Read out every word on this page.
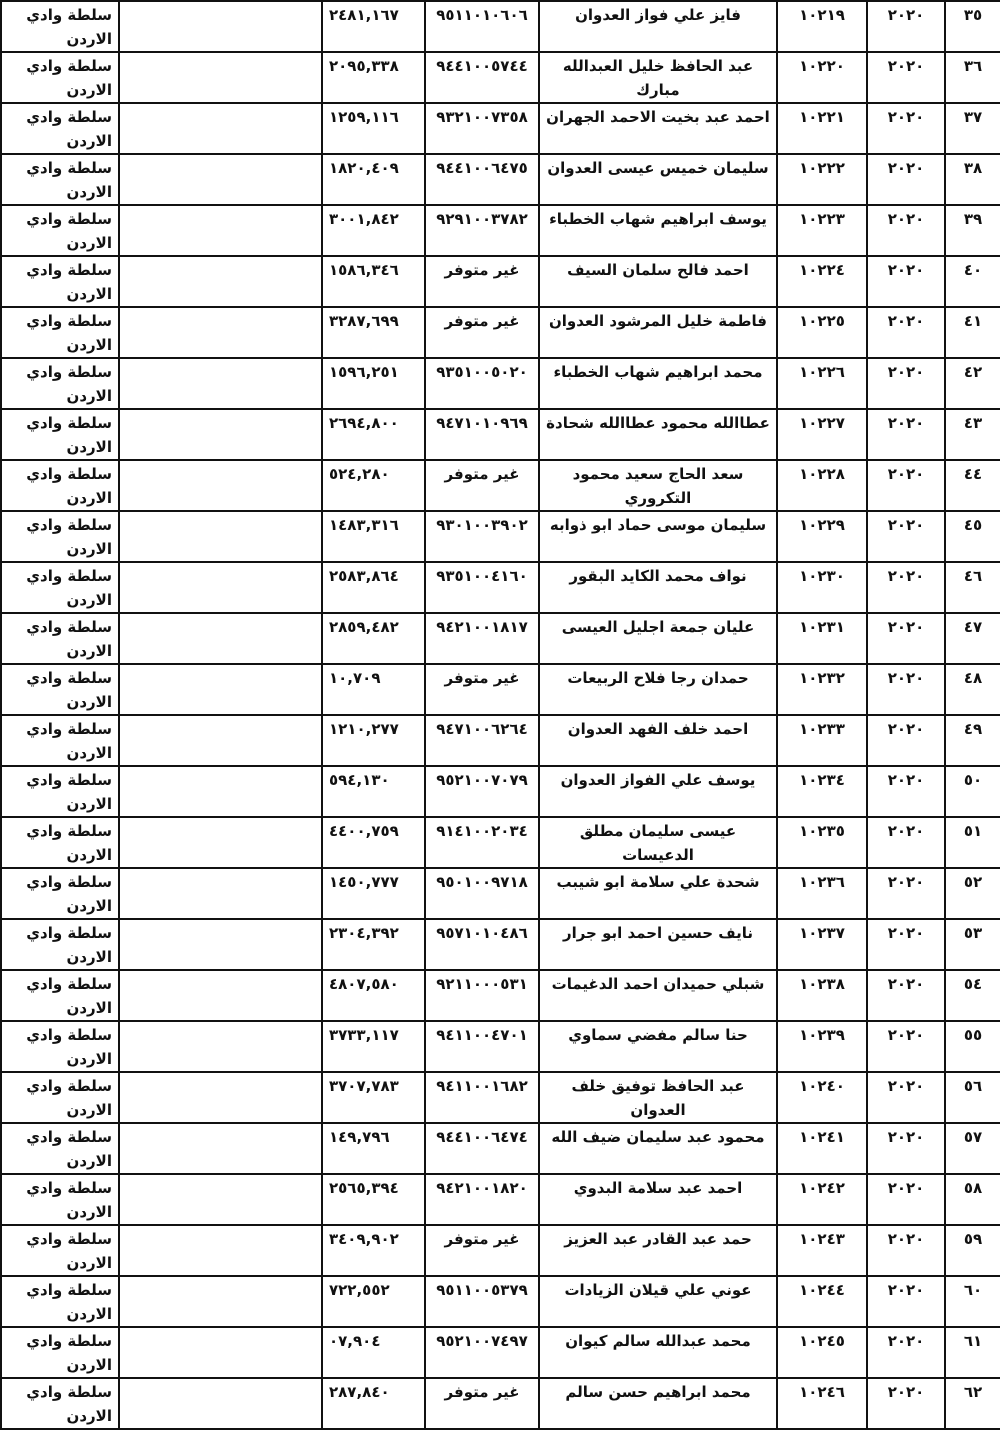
٣٥	٢٠٢٠	١٠٢١٩	فايز علي فواز العدوان	٩٥١١٠١٠٦٠٦	٢٤٨١,١٦٧		سلطة وادي الاردن
٣٦	٢٠٢٠	١٠٢٢٠	عبد الحافظ خليل العبدالله مبارك	٩٤٤١٠٠٥٧٤٤	٢٠٩٥,٣٣٨		سلطة وادي الاردن
٣٧	٢٠٢٠	١٠٢٢١	احمد عبد بخيت الاحمد الجهران	٩٣٢١٠٠٧٣٥٨	١٢٥٩,١١٦		سلطة وادي الاردن
٣٨	٢٠٢٠	١٠٢٢٢	سليمان خميس عيسى العدوان	٩٤٤١٠٠٦٤٧٥	١٨٢٠,٤٠٩		سلطة وادي الاردن
٣٩	٢٠٢٠	١٠٢٢٣	يوسف ابراهيم شهاب الخطباء	٩٢٩١٠٠٣٧٨٢	٣٠٠١,٨٤٢		سلطة وادي الاردن
٤٠	٢٠٢٠	١٠٢٢٤	احمد فالح سلمان السيف	غير متوفر	١٥٨٦,٣٤٦		سلطة وادي الاردن
٤١	٢٠٢٠	١٠٢٢٥	فاطمة خليل المرشود العدوان	غير متوفر	٣٢٨٧,٦٩٩		سلطة وادي الاردن
٤٢	٢٠٢٠	١٠٢٢٦	محمد ابراهيم شهاب الخطباء	٩٣٥١٠٠٥٠٢٠	١٥٩٦,٢٥١		سلطة وادي الاردن
٤٣	٢٠٢٠	١٠٢٢٧	عطاالله محمود عطاالله شحادة	٩٤٧١٠١٠٩٦٩	٢٦٩٤,٨٠٠		سلطة وادي الاردن
٤٤	٢٠٢٠	١٠٢٢٨	سعد الحاج سعيد محمود التكروري	غير متوفر	٥٢٤,٢٨٠		سلطة وادي الاردن
٤٥	٢٠٢٠	١٠٢٢٩	سليمان موسى حماد ابو ذوابه	٩٣٠١٠٠٣٩٠٢	١٤٨٣,٣١٦		سلطة وادي الاردن
٤٦	٢٠٢٠	١٠٢٣٠	نواف محمد الكايد البقور	٩٣٥١٠٠٤١٦٠	٢٥٨٣,٨٦٤		سلطة وادي الاردن
٤٧	٢٠٢٠	١٠٢٣١	عليان جمعة اجليل العيسى	٩٤٢١٠٠١٨١٧	٢٨٥٩,٤٨٢		سلطة وادي الاردن
٤٨	٢٠٢٠	١٠٢٣٢	حمدان رجا فلاح الربيعات	غير متوفر	١٠,٧٠٩		سلطة وادي الاردن
٤٩	٢٠٢٠	١٠٢٣٣	احمد خلف الفهد العدوان	٩٤٧١٠٠٦٢٦٤	١٢١٠,٢٧٧		سلطة وادي الاردن
٥٠	٢٠٢٠	١٠٢٣٤	يوسف علي الفواز العدوان	٩٥٢١٠٠٧٠٧٩	٥٩٤,١٣٠		سلطة وادي الاردن
٥١	٢٠٢٠	١٠٢٣٥	عيسى سليمان مطلق الدعيسات	٩١٤١٠٠٢٠٣٤	٤٤٠٠,٧٥٩		سلطة وادي الاردن
٥٢	٢٠٢٠	١٠٢٣٦	شحدة علي سلامة ابو شيبب	٩٥٠١٠٠٩٧١٨	١٤٥٠,٧٧٧		سلطة وادي الاردن
٥٣	٢٠٢٠	١٠٢٣٧	نايف حسين احمد ابو جرار	٩٥٧١٠١٠٤٨٦	٢٣٠٤,٣٩٢		سلطة وادي الاردن
٥٤	٢٠٢٠	١٠٢٣٨	شبلي حميدان احمد الدغيمات	٩٢١١٠٠٠٥٣١	٤٨٠٧,٥٨٠		سلطة وادي الاردن
٥٥	٢٠٢٠	١٠٢٣٩	حنا سالم مفضي سماوي	٩٤١١٠٠٤٧٠١	٣٧٣٣,١١٧		سلطة وادي الاردن
٥٦	٢٠٢٠	١٠٢٤٠	عبد الحافظ توفيق خلف العدوان	٩٤١١٠٠١٦٨٢	٣٧٠٧,٧٨٣		سلطة وادي الاردن
٥٧	٢٠٢٠	١٠٢٤١	محمود عبد سليمان ضيف الله	٩٤٤١٠٠٦٤٧٤	١٤٩,٧٩٦		سلطة وادي الاردن
٥٨	٢٠٢٠	١٠٢٤٢	احمد عبد سلامة البدوي	٩٤٢١٠٠١٨٢٠	٢٥٦٥,٣٩٤		سلطة وادي الاردن
٥٩	٢٠٢٠	١٠٢٤٣	حمد عبد القادر عبد العزيز	غير متوفر	٣٤٠٩,٩٠٢		سلطة وادي الاردن
٦٠	٢٠٢٠	١٠٢٤٤	عوني علي قيلان الزيادات	٩٥١١٠٠٥٣٧٩	٧٢٢,٥٥٢		سلطة وادي الاردن
٦١	٢٠٢٠	١٠٢٤٥	محمد عبدالله سالم كيوان	٩٥٢١٠٠٧٤٩٧	٠٧,٩٠٤		سلطة وادي الاردن
٦٢	٢٠٢٠	١٠٢٤٦	محمد ابراهيم حسن سالم	غير متوفر	٢٨٧,٨٤٠		سلطة وادي الاردن
